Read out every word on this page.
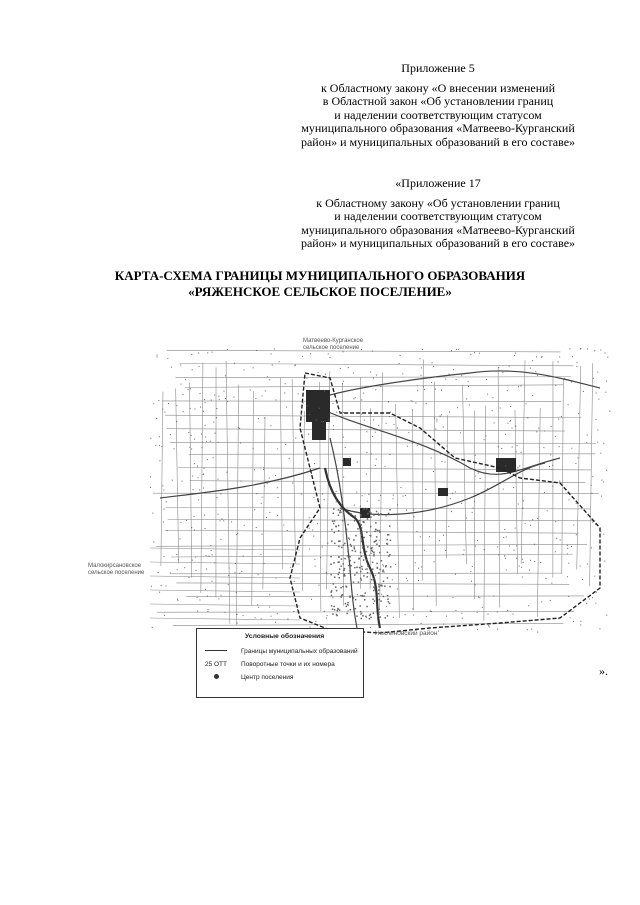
Приложение 5
к Областному закону «О внесении изменений
в Областной закон «Об установлении границ
и наделении соответствующим статусом
муниципального образования «Матвеево-Курганский
район» и муниципальных образований в его составе»
«Приложение 17
к Областному закону «Об установлении границ
и наделении соответствующим статусом
муниципального образования «Матвеево-Курганский
район» и муниципальных образований в его составе»
КАРТА-СХЕМА ГРАНИЦЫ МУНИЦИПАЛЬНОГО ОБРАЗОВАНИЯ
«РЯЖЕНСКОЕ СЕЛЬСКОЕ ПОСЕЛЕНИЕ»
Матвеево-Курганское сельское поселение
Малокирсановское сельское поселение
Неклиновский район
Условные обозначения
Границы муниципальных образований
25 ОТТ	Поворотные точки и их номера
Центр поселения	».
